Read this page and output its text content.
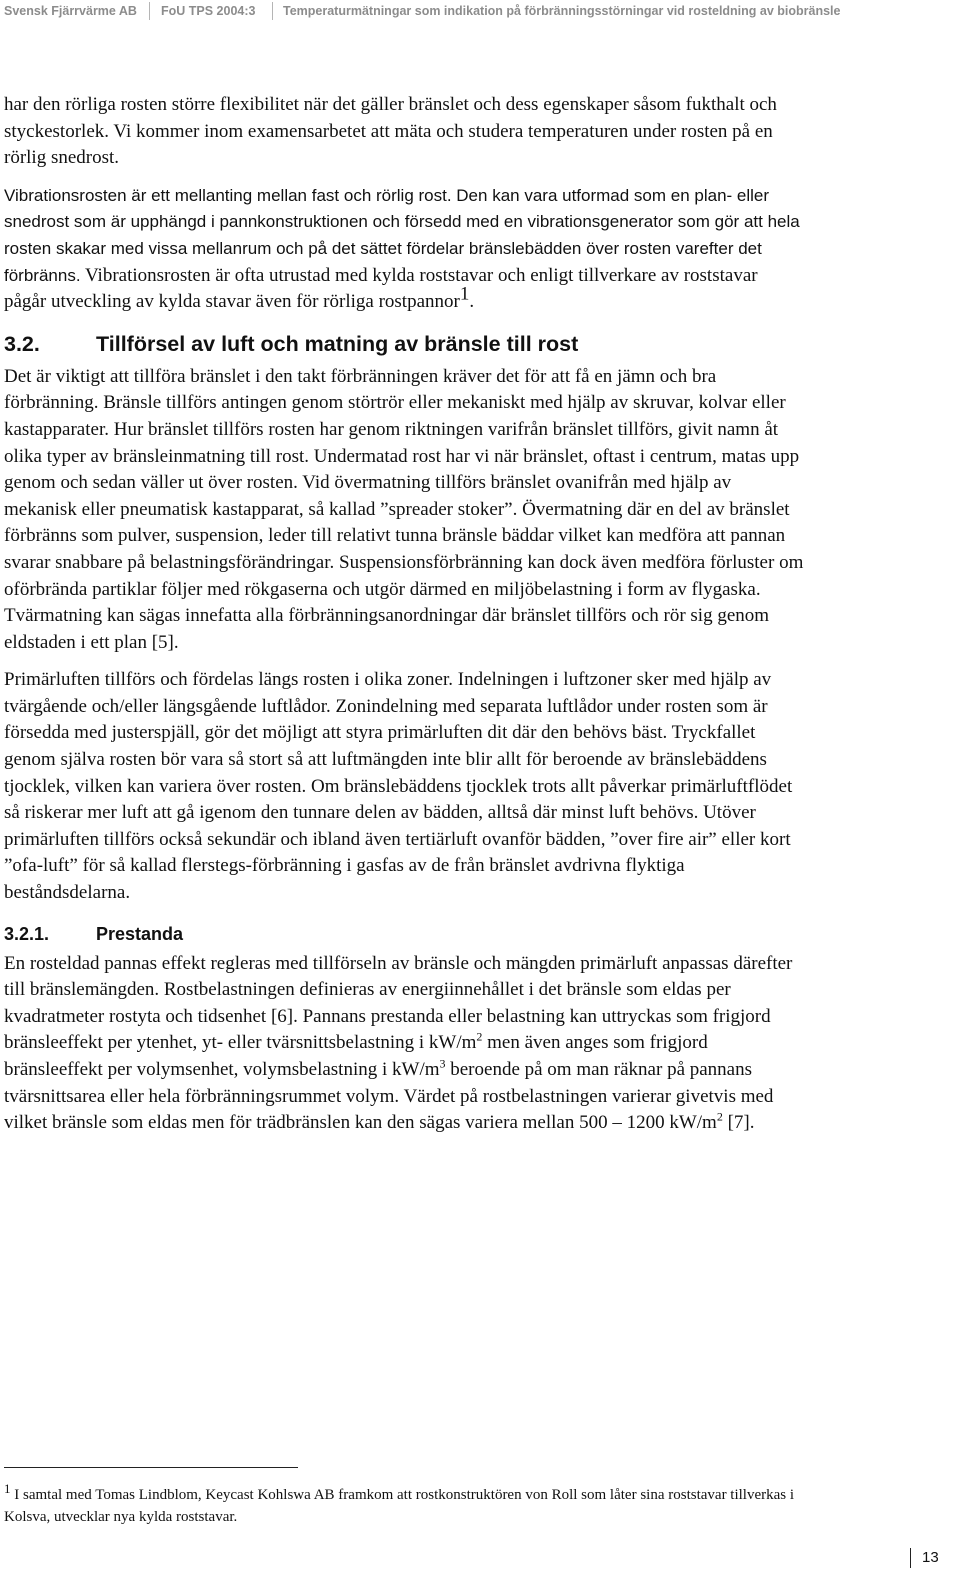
Svensk Fjärrvärme AB FoU TPS 2004:3 Temperaturmätningar som indikation på förbränningsstörningar vid rosteldning av biobränsle

har den rörliga rosten större flexibilitet när det gäller bränslet och dess egenskaper såsom fukthalt och styckestorlek. Vi kommer inom examensarbetet att mäta och studera temperaturen under rosten på en rörlig snedrost.

Vibrationsrosten är ett mellanting mellan fast och rörlig rost. Den kan vara utformad som en plan- eller snedrost som är upphängd i pannkonstruktionen och försedd med en vibrationsgenerator som gör att hela rosten skakar med vissa mellanrum och på det sättet fördelar bränslebädden över rosten varefter det förbränns. Vibrationsrosten är ofta utrustad med kylda roststavar och enligt tillverkare av roststavar pågår utveckling av kylda stavar även för rörliga rostpannor$^1$.

3.2.	Tillförsel av luft och matning av bränsle till rost

Det är viktigt att tillföra bränslet i den takt förbränningen kräver det för att få en jämn och bra förbränning. Bränsle tillförs antingen genom störtrör eller mekaniskt med hjälp av skruvar, kolvar eller kastapparater. Hur bränslet tillförs rosten har genom riktningen varifrån bränslet tillförs, givit namn åt olika typer av bränsleinmatning till rost. Undermatad rost har vi när bränslet, oftast i centrum, matas upp genom och sedan väller ut över rosten. Vid övermatning tillförs bränslet ovanifrån med hjälp av mekanisk eller pneumatisk kastapparat, så kallad ”spreader stoker”. Övermatning där en del av bränslet förbränns som pulver, suspension, leder till relativt tunna bränsle bäddar vilket kan medföra att pannan svarar snabbare på belastningsförändringar. Suspensionsförbränning kan dock även medföra förluster om oförbrända partiklar följer med rökgaserna och utgör därmed en miljöbelastning i form av flygaska. Tvärmatning kan sägas innefatta alla förbränningsanordningar där bränslet tillförs och rör sig genom eldstaden i ett plan [5].

Primärluften tillförs och fördelas längs rosten i olika zoner. Indelningen i luftzoner sker med hjälp av tvärgående och/eller längsgående luftlådor. Zonindelning med separata luftlådor under rosten som är försedda med justerspjäll, gör det möjligt att styra primärluften dit där den behövs bäst. Tryckfallet genom själva rosten bör vara så stort så att luftmängden inte blir allt för beroende av bränslebäddens tjocklek, vilken kan variera över rosten. Om bränslebäddens tjocklek trots allt påverkar primärluftflödet så riskerar mer luft att gå igenom den tunnare delen av bädden, alltså där minst luft behövs. Utöver primärluften tillförs också sekundär och ibland även tertiärluft ovanför bädden, ”over fire air” eller kort ”ofa-luft” för så kallad flerstegs-förbränning i gasfas av de från bränslet avdrivna flyktiga beståndsdelarna.

3.2.1.	Prestanda

En rosteldad pannas effekt regleras med tillförseln av bränsle och mängden primärluft anpassas därefter till bränslemängden. Rostbelastningen definieras av energiinnehållet i det bränsle som eldas per kvadratmeter rostyta och tidsenhet [6]. Pannans prestanda eller belastning kan uttryckas som frigjord bränsleeffekt per ytenhet, yt- eller tvärsnittsbelastning i $kW/m^2$ men även anges som frigjord bränsleeffekt per volymsenhet, volymsbelastning i $kW/m^3$ beroende på om man räknar på pannans tvärsnittsarea eller hela förbränningsrummet volym. Värdet på rostbelastningen varierar givetvis med vilket bränsle som eldas men för trädbränslen kan den sägas variera mellan 500 – 1200 $kW/m^2$ [7].

$^1$ I samtal med Tomas Lindblom, Keycast Kohlswa AB framkom att rostkonstruktören von Roll som låter sina roststavar tillverkas i Kolsva, utvecklar nya kylda roststavar.
13
